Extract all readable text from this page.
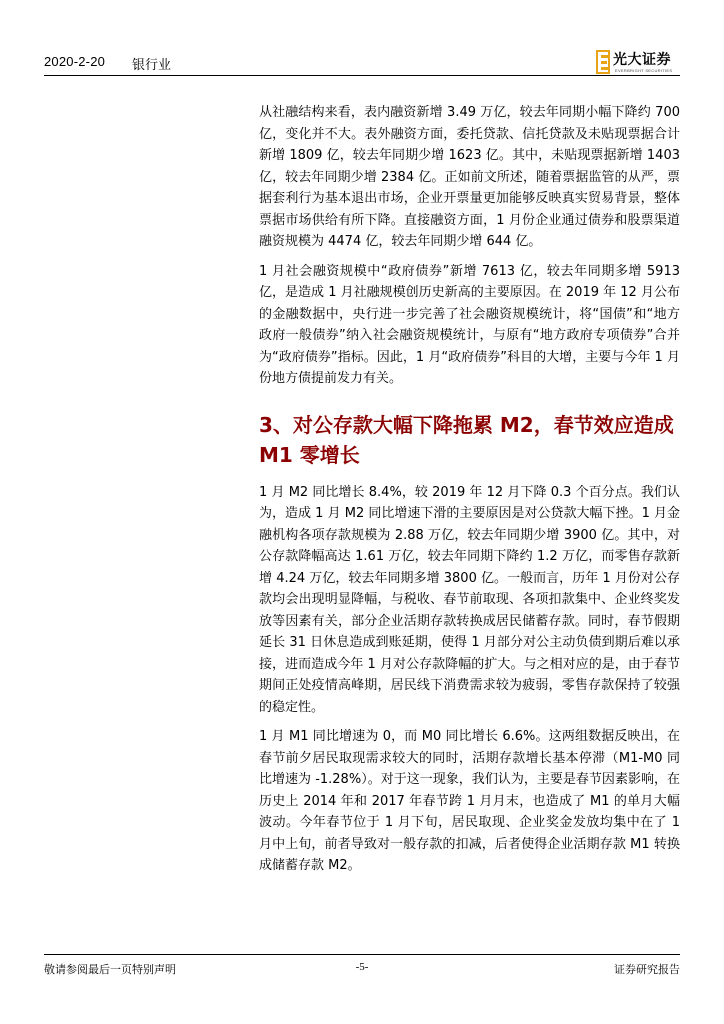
2020-2-20 银行业	光大证券
EVERBRIGHT SECURITIES

从社融结构来看，表内融资新增 3.49 万亿，较去年同期小幅下降约 700 亿，变化并不大。表外融资方面，委托贷款、信托贷款及未贴现票据合计新增 1809 亿，较去年同期少增 1623 亿。其中，未贴现票据新增 1403 亿，较去年同期少增 2384 亿。正如前文所述，随着票据监管的从严，票据套利行为基本退出市场，企业开票量更加能够反映真实贸易背景，整体票据市场供给有所下降。直接融资方面，1 月份企业通过债券和股票渠道融资规模为 4474 亿，较去年同期少增 644 亿。

1 月社会融资规模中“政府债券”新增 7613 亿，较去年同期多增 5913 亿，是造成 1 月社融规模创历史新高的主要原因。在 2019 年 12 月公布的金融数据中，央行进一步完善了社会融资规模统计，将“国债”和“地方政府一般债券”纳入社会融资规模统计，与原有“地方政府专项债券”合并为“政府债券”指标。因此，1 月“政府债券”科目的大增，主要与今年 1 月份地方债提前发力有关。

3、对公存款大幅下降拖累 M2，春节效应造成 M1 零增长

1 月 M2 同比增长 8.4%，较 2019 年 12 月下降 0.3 个百分点。我们认为，造成 1 月 M2 同比增速下滑的主要原因是对公贷款大幅下挫。1 月金融机构各项存款规模为 2.88 万亿，较去年同期少增 3900 亿。其中，对公存款降幅高达 1.61 万亿，较去年同期下降约 1.2 万亿，而零售存款新增 4.24 万亿，较去年同期多增 3800 亿。一般而言，历年 1 月份对公存款均会出现明显降幅，与税收、春节前取现、各项扣款集中、企业终奖发放等因素有关，部分企业活期存款转换成居民储蓄存款。同时，春节假期延长 31 日休息造成到账延期，使得 1 月部分对公主动负债到期后难以承接，进而造成今年 1 月对公存款降幅的扩大。与之相对应的是，由于春节期间正处疫情高峰期，居民线下消费需求较为疲弱，零售存款保持了较强的稳定性。

1 月 M1 同比增速为 0，而 M0 同比增长 6.6%。这两组数据反映出，在春节前夕居民取现需求较大的同时，活期存款增长基本停滞（M1-M0 同比增速为 -1.28%）。对于这一现象，我们认为，主要是春节因素影响，在历史上 2014 年和 2017 年春节跨 1 月月末，也造成了 M1 的单月大幅波动。今年春节位于 1 月下旬，居民取现、企业奖金发放均集中在了 1 月中上旬，前者导致对一般存款的扣减，后者使得企业活期存款 M1 转换成储蓄存款 M2。

敬请参阅最后一页特别声明	-5-	证券研究报告
